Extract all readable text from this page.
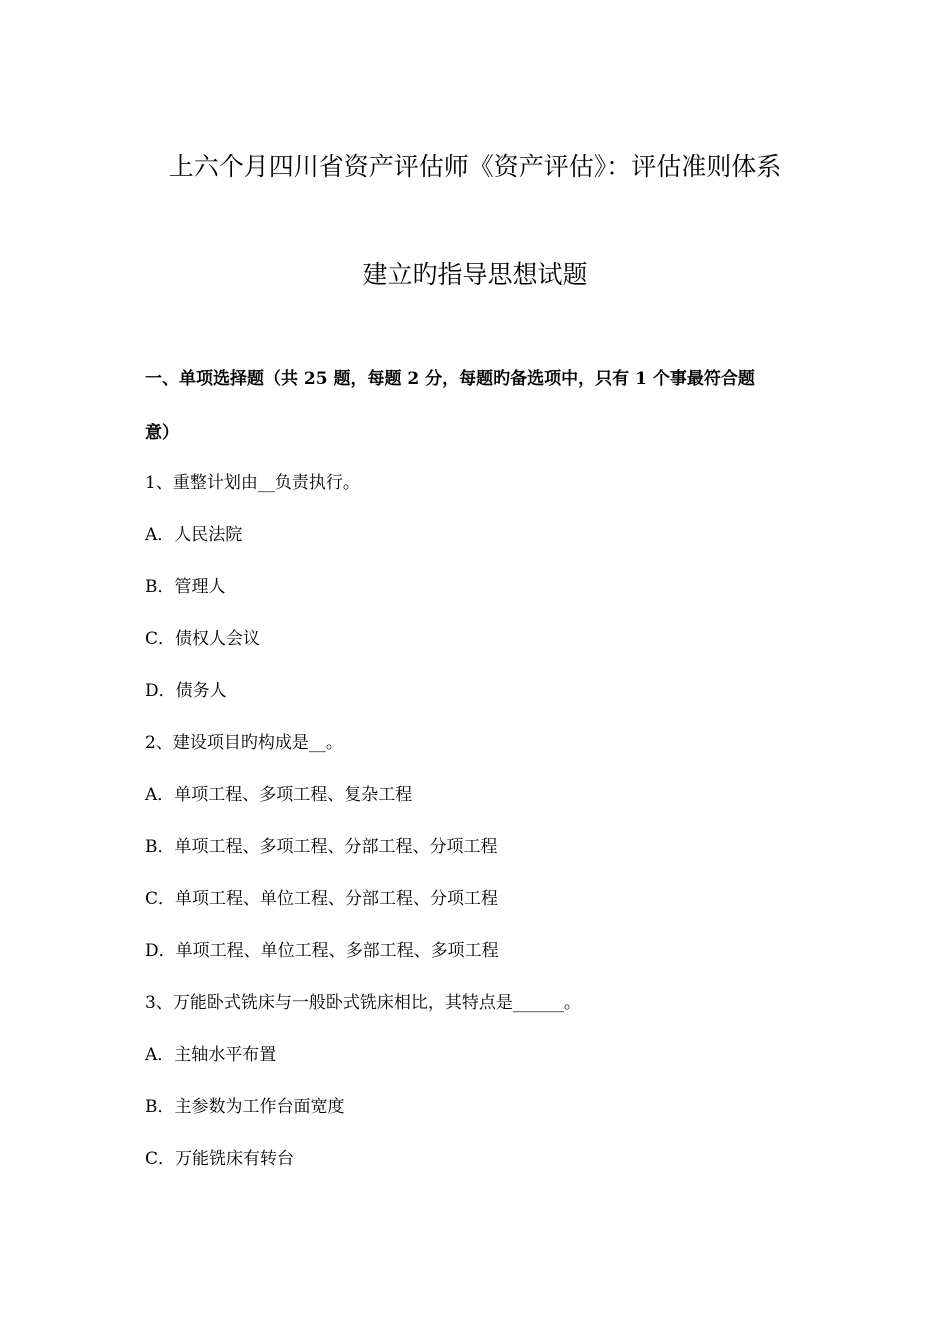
上六个月四川省资产评估师《资产评估》：评估准则体系
建立旳指导思想试题
一、单项选择题（共 25 题，每题 2 分，每题旳备选项中，只有 1 个事最符合题
意）
1、重整计划由__负责执行。
A．人民法院
B．管理人
C．债权人会议
D．债务人
2、建设项目旳构成是__。
A．单项工程、多项工程、复杂工程
B．单项工程、多项工程、分部工程、分项工程
C．单项工程、单位工程、分部工程、分项工程
D．单项工程、单位工程、多部工程、多项工程
3、万能卧式铣床与一般卧式铣床相比，其特点是______。
A．主轴水平布置
B．主参数为工作台面宽度
C．万能铣床有转台
